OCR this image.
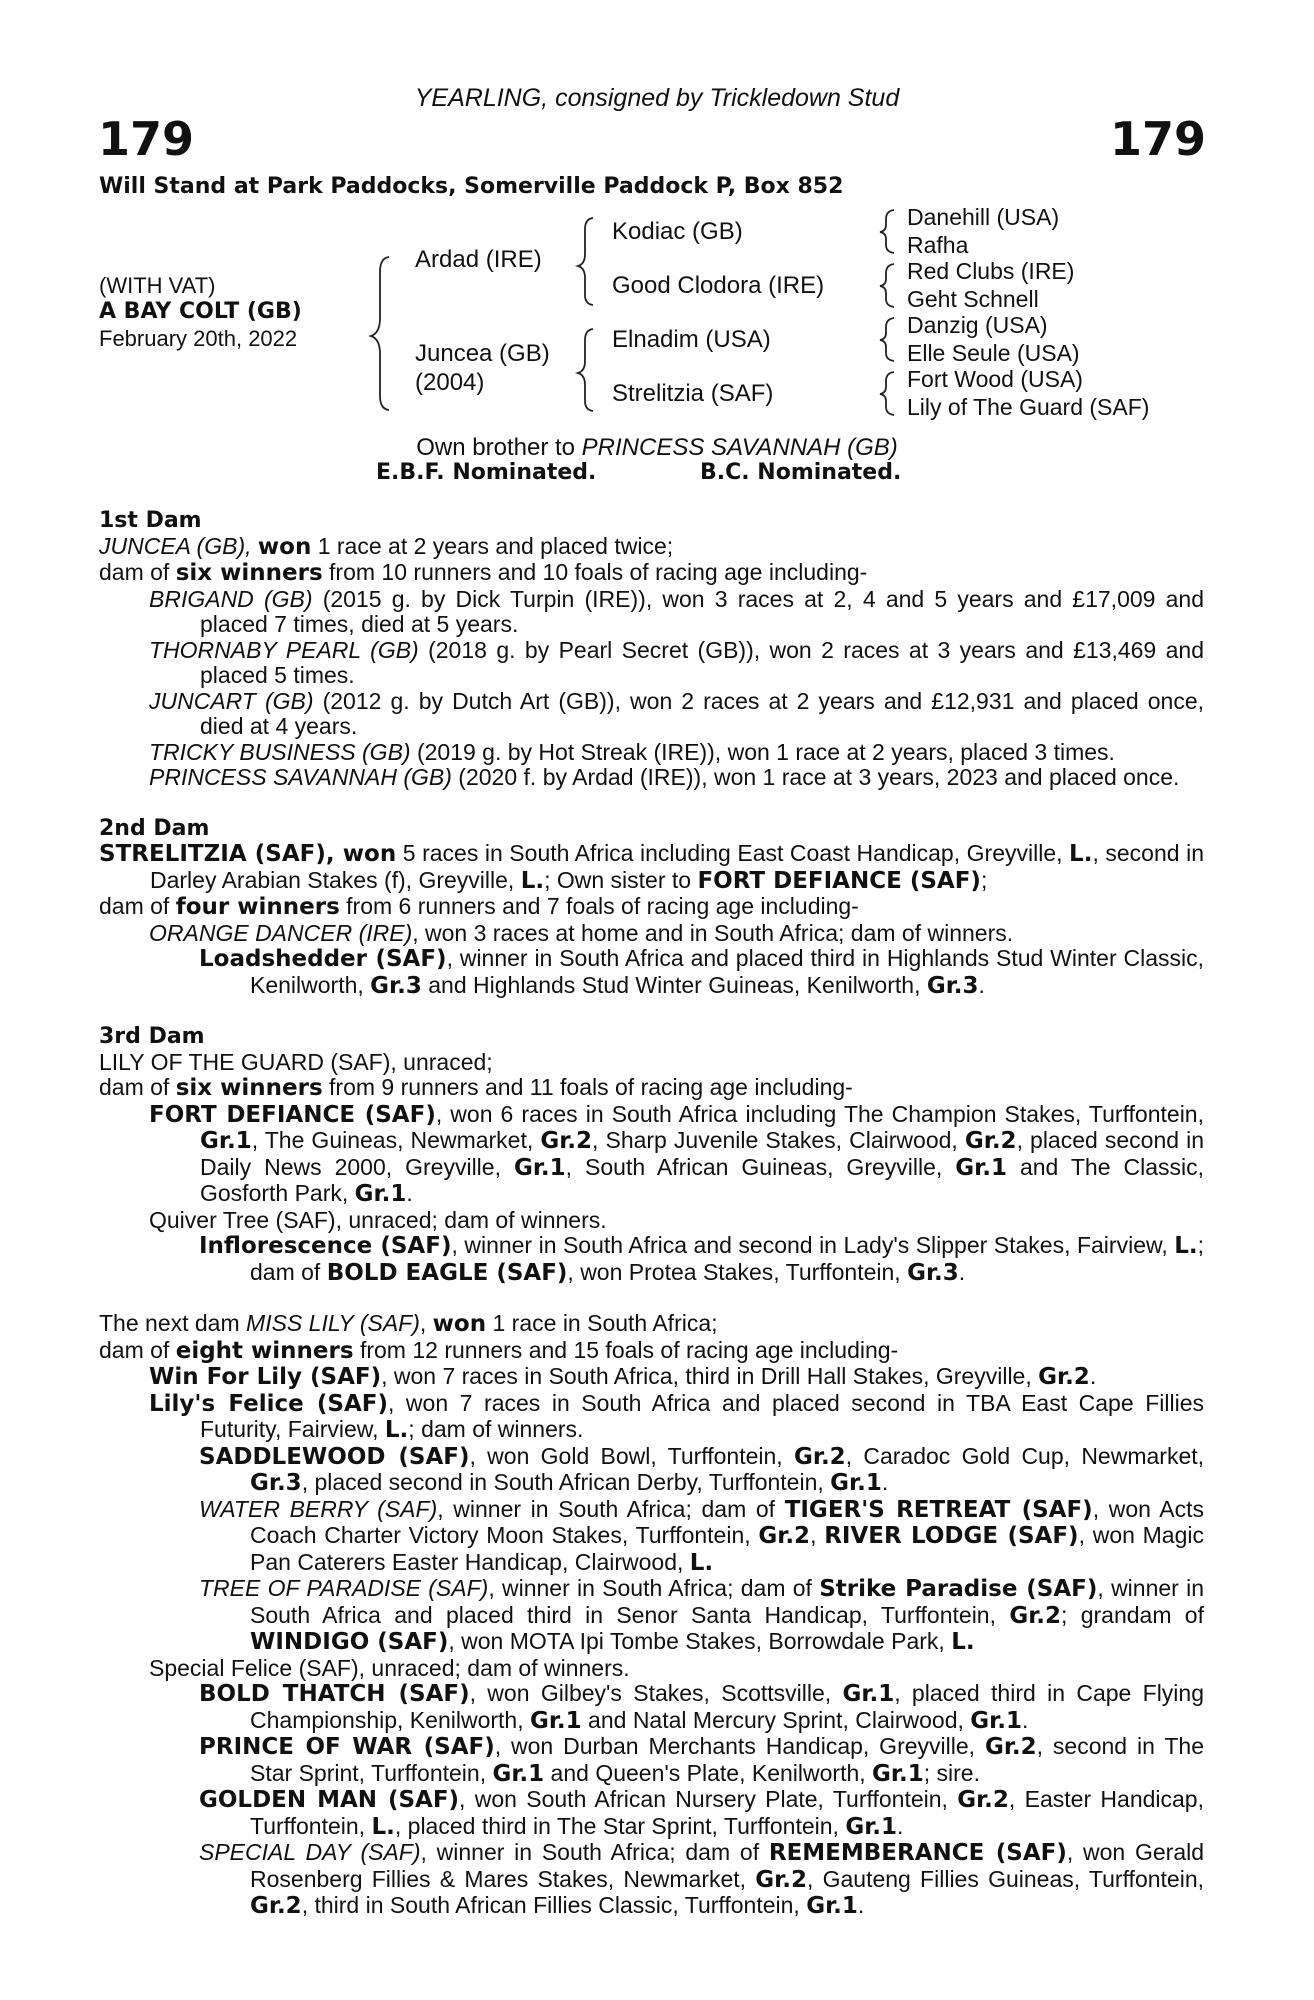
YEARLING, consigned by Trickledown Stud
179	179
Will Stand at Park Paddocks, Somerville Paddock P, Box 852
(WITH VAT)
A BAY COLT (GB)
February 20th, 2022
Ardad (IRE)
Juncea (GB)
(2004)
Kodiac (GB)
Good Clodora (IRE)
Elnadim (USA)
Strelitzia (SAF)
Danehill (USA)
Rafha
Red Clubs (IRE)
Geht Schnell
Danzig (USA)
Elle Seule (USA)
Fort Wood (USA)
Lily of The Guard (SAF)
Own brother to PRINCESS SAVANNAH (GB)
E.B.F. Nominated.	B.C. Nominated.
1st Dam
JUNCEA (GB), won 1 race at 2 years and placed twice;
dam of six winners from 10 runners and 10 foals of racing age including-
BRIGAND (GB) (2015 g. by Dick Turpin (IRE)), won 3 races at 2, 4 and 5 years and £17,009 and placed 7 times, died at 5 years.
THORNABY PEARL (GB) (2018 g. by Pearl Secret (GB)), won 2 races at 3 years and £13,469 and placed 5 times.
JUNCART (GB) (2012 g. by Dutch Art (GB)), won 2 races at 2 years and £12,931 and placed once, died at 4 years.
TRICKY BUSINESS (GB) (2019 g. by Hot Streak (IRE)), won 1 race at 2 years, placed 3 times.
PRINCESS SAVANNAH (GB) (2020 f. by Ardad (IRE)), won 1 race at 3 years, 2023 and placed once.
2nd Dam
STRELITZIA (SAF), won 5 races in South Africa including East Coast Handicap, Greyville, L., second in Darley Arabian Stakes (f), Greyville, L.; Own sister to FORT DEFIANCE (SAF);
dam of four winners from 6 runners and 7 foals of racing age including-
ORANGE DANCER (IRE), won 3 races at home and in South Africa; dam of winners.
Loadshedder (SAF), winner in South Africa and placed third in Highlands Stud Winter Classic, Kenilworth, Gr.3 and Highlands Stud Winter Guineas, Kenilworth, Gr.3.
3rd Dam
LILY OF THE GUARD (SAF), unraced;
dam of six winners from 9 runners and 11 foals of racing age including-
FORT DEFIANCE (SAF), won 6 races in South Africa including The Champion Stakes, Turffontein, Gr.1, The Guineas, Newmarket, Gr.2, Sharp Juvenile Stakes, Clairwood, Gr.2, placed second in Daily News 2000, Greyville, Gr.1, South African Guineas, Greyville, Gr.1 and The Classic, Gosforth Park, Gr.1.
Quiver Tree (SAF), unraced; dam of winners.
Inflorescence (SAF), winner in South Africa and second in Lady's Slipper Stakes, Fairview, L.; dam of BOLD EAGLE (SAF), won Protea Stakes, Turffontein, Gr.3.
The next dam MISS LILY (SAF), won 1 race in South Africa;
dam of eight winners from 12 runners and 15 foals of racing age including-
Win For Lily (SAF), won 7 races in South Africa, third in Drill Hall Stakes, Greyville, Gr.2.
Lily's Felice (SAF), won 7 races in South Africa and placed second in TBA East Cape Fillies Futurity, Fairview, L.; dam of winners.
SADDLEWOOD (SAF), won Gold Bowl, Turffontein, Gr.2, Caradoc Gold Cup, Newmarket, Gr.3, placed second in South African Derby, Turffontein, Gr.1.
WATER BERRY (SAF), winner in South Africa; dam of TIGER'S RETREAT (SAF), won Acts Coach Charter Victory Moon Stakes, Turffontein, Gr.2, RIVER LODGE (SAF), won Magic Pan Caterers Easter Handicap, Clairwood, L.
TREE OF PARADISE (SAF), winner in South Africa; dam of Strike Paradise (SAF), winner in South Africa and placed third in Senor Santa Handicap, Turffontein, Gr.2; grandam of WINDIGO (SAF), won MOTA Ipi Tombe Stakes, Borrowdale Park, L.
Special Felice (SAF), unraced; dam of winners.
BOLD THATCH (SAF), won Gilbey's Stakes, Scottsville, Gr.1, placed third in Cape Flying Championship, Kenilworth, Gr.1 and Natal Mercury Sprint, Clairwood, Gr.1.
PRINCE OF WAR (SAF), won Durban Merchants Handicap, Greyville, Gr.2, second in The Star Sprint, Turffontein, Gr.1 and Queen's Plate, Kenilworth, Gr.1; sire.
GOLDEN MAN (SAF), won South African Nursery Plate, Turffontein, Gr.2, Easter Handicap, Turffontein, L., placed third in The Star Sprint, Turffontein, Gr.1.
SPECIAL DAY (SAF), winner in South Africa; dam of REMEMBERANCE (SAF), won Gerald Rosenberg Fillies & Mares Stakes, Newmarket, Gr.2, Gauteng Fillies Guineas, Turffontein, Gr.2, third in South African Fillies Classic, Turffontein, Gr.1.
